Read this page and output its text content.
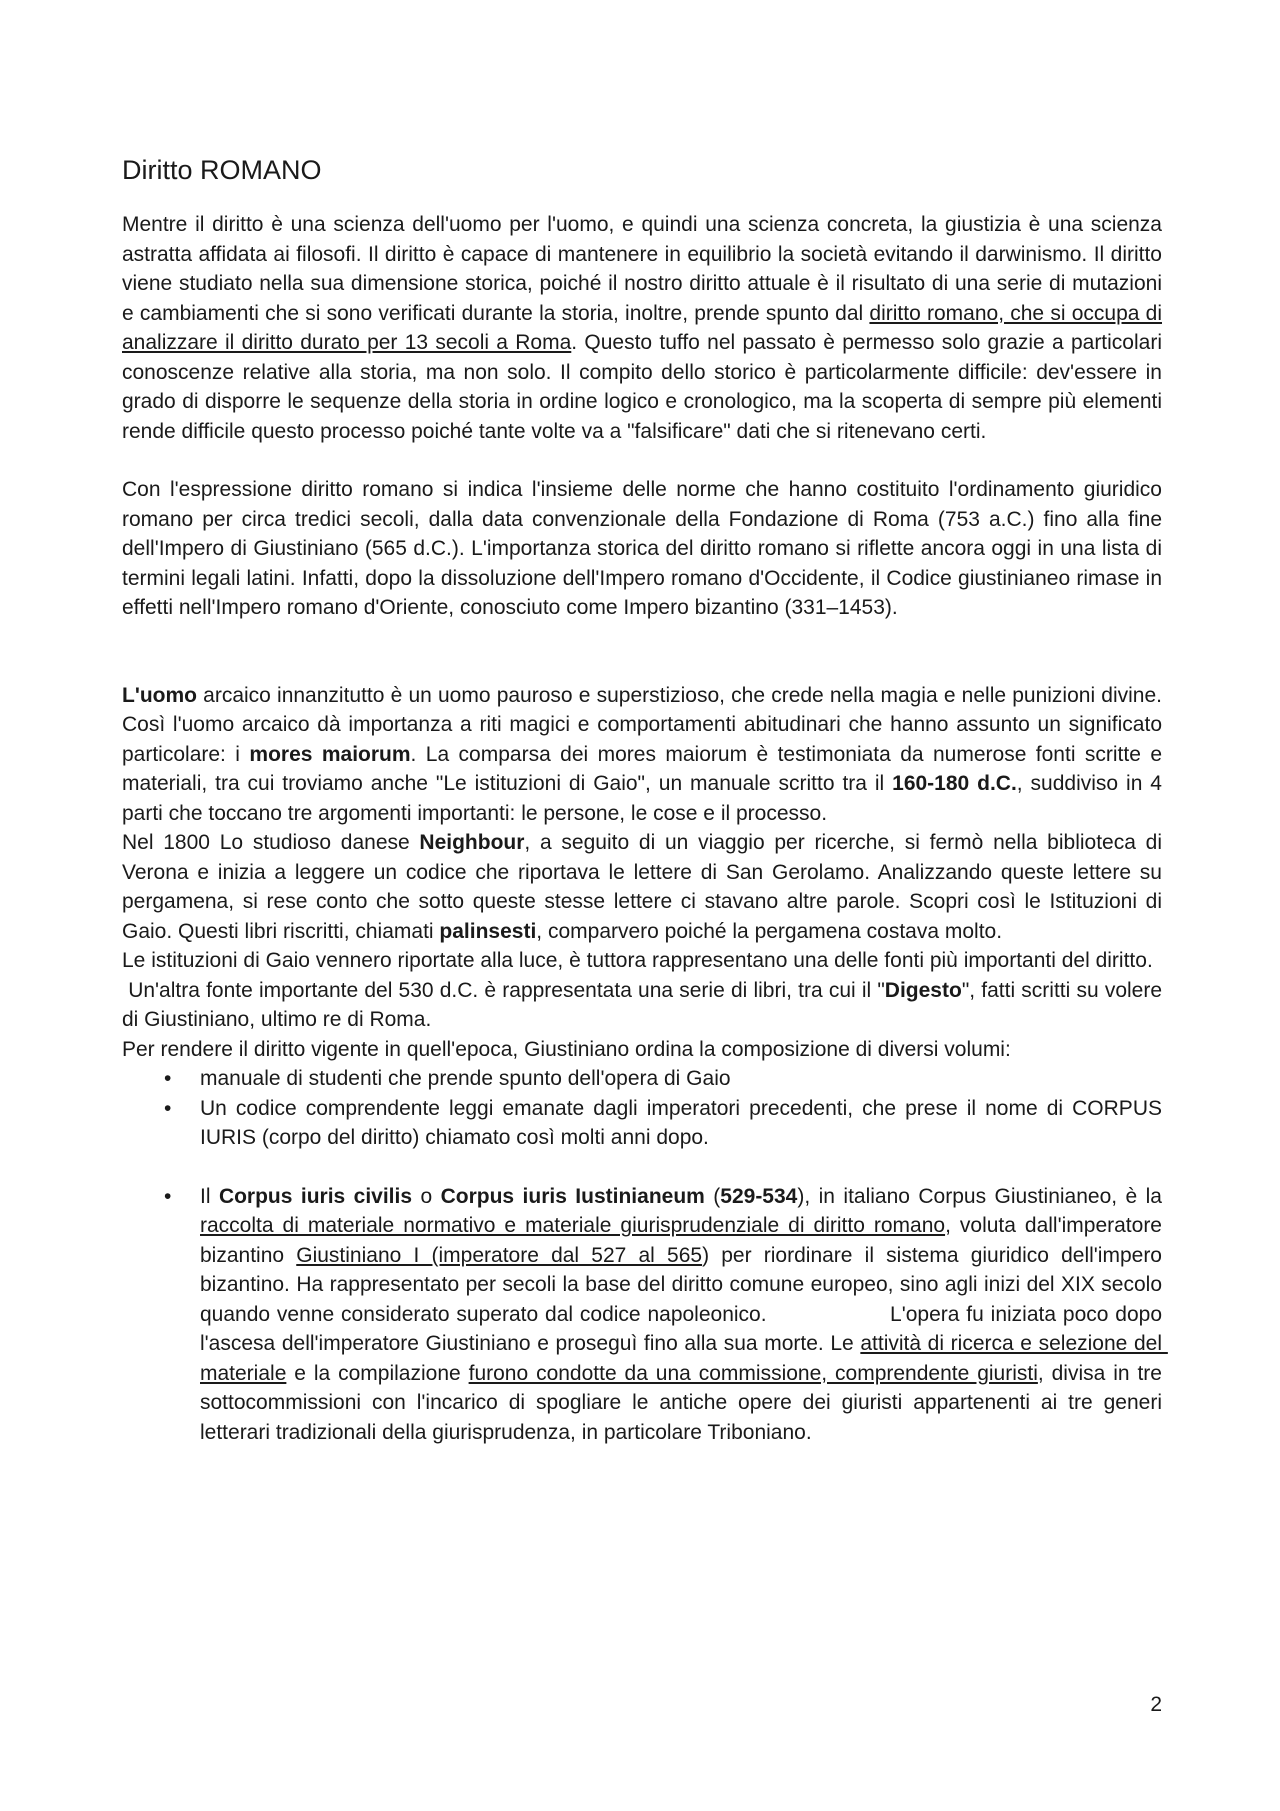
Diritto ROMANO

Mentre il diritto è una scienza dell'uomo per l'uomo, e quindi una scienza concreta, la giustizia è una scienza astratta affidata ai filosofi. Il diritto è capace di mantenere in equilibrio la società evitando il darwinismo. Il diritto viene studiato nella sua dimensione storica, poiché il nostro diritto attuale è il risultato di una serie di mutazioni e cambiamenti che si sono verificati durante la storia, inoltre, prende spunto dal diritto romano, che si occupa di analizzare il diritto durato per 13 secoli a Roma. Questo tuffo nel passato è permesso solo grazie a particolari conoscenze relative alla storia, ma non solo. Il compito dello storico è particolarmente difficile: dev'essere in grado di disporre le sequenze della storia in ordine logico e cronologico, ma la scoperta di sempre più elementi rende difficile questo processo poiché tante volte va a "falsificare" dati che si ritenevano certi.

Con l'espressione diritto romano si indica l'insieme delle norme che hanno costituito l'ordinamento giuridico romano per circa tredici secoli, dalla data convenzionale della Fondazione di Roma (753 a.C.) fino alla fine dell'Impero di Giustiniano (565 d.C.). L'importanza storica del diritto romano si riflette ancora oggi in una lista di termini legali latini. Infatti, dopo la dissoluzione dell'Impero romano d'Occidente, il Codice giustinianeo rimase in effetti nell'Impero romano d'Oriente, conosciuto come Impero bizantino (331–1453).

L'uomo arcaico innanzitutto è un uomo pauroso e superstizioso, che crede nella magia e nelle punizioni divine. Così l'uomo arcaico dà importanza a riti magici e comportamenti abitudinari che hanno assunto un significato particolare: i mores maiorum. La comparsa dei mores maiorum è testimoniata da numerose fonti scritte e materiali, tra cui troviamo anche "Le istituzioni di Gaio", un manuale scritto tra il 160-180 d.C., suddiviso in 4 parti che toccano tre argomenti importanti: le persone, le cose e il processo.

Nel 1800 Lo studioso danese Neighbour, a seguito di un viaggio per ricerche, si fermò nella biblioteca di Verona e inizia a leggere un codice che riportava le lettere di San Gerolamo. Analizzando queste lettere su pergamena, si rese conto che sotto queste stesse lettere ci stavano altre parole. Scopri così le Istituzioni di Gaio. Questi libri riscritti, chiamati palinsesti, comparvero poiché la pergamena costava molto.

Le istituzioni di Gaio vennero riportate alla luce, è tuttora rappresentano una delle fonti più importanti del diritto.

Un'altra fonte importante del 530 d.C. è rappresentata una serie di libri, tra cui il "Digesto", fatti scritti su volere di Giustiniano, ultimo re di Roma.

Per rendere il diritto vigente in quell'epoca, Giustiniano ordina la composizione di diversi volumi:

• manuale di studenti che prende spunto dell'opera di Gaio
• Un codice comprendente leggi emanate dagli imperatori precedenti, che prese il nome di CORPUS IURIS (corpo del diritto) chiamato così molti anni dopo.
• Il Corpus iuris civilis o Corpus iuris Iustinianeum (529-534), in italiano Corpus Giustinianeo, è la raccolta di materiale normativo e materiale giurisprudenziale di diritto romano, voluta dall'imperatore bizantino Giustiniano I (imperatore dal 527 al 565) per riordinare il sistema giuridico dell'impero bizantino. Ha rappresentato per secoli la base del diritto comune europeo, sino agli inizi del XIX secolo quando venne considerato superato dal codice napoleonico.                  L'opera fu iniziata poco dopo l'ascesa dell'imperatore Giustiniano e proseguì fino alla sua morte. Le attività di ricerca e selezione del materiale e la compilazione furono condotte da una commissione, comprendente giuristi, divisa in tre sottocommissioni con l'incarico di spogliare le antiche opere dei giuristi appartenenti ai tre generi letterari tradizionali della giurisprudenza, in particolare Triboniano.
2
